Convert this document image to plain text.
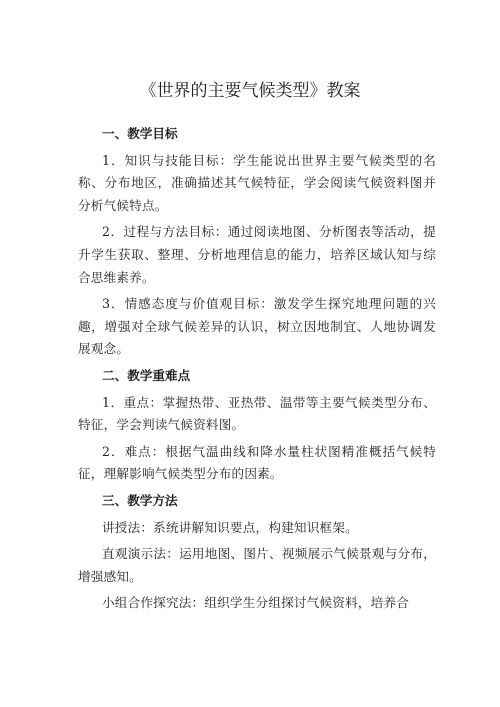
《世界的主要气候类型》教案
一、教学目标

1．知识与技能目标：学生能说出世界主要气候类型的名称、分布地区，准确描述其气候特征，学会阅读气候资料图并分析气候特点。

2．过程与方法目标：通过阅读地图、分析图表等活动，提升学生获取、整理、分析地理信息的能力，培养区域认知与综合思维素养。

3．情感态度与价值观目标：激发学生探究地理问题的兴趣，增强对全球气候差异的认识，树立因地制宜、人地协调发展观念。

二、教学重难点

1．重点：掌握热带、亚热带、温带等主要气候类型分布、特征，学会判读气候资料图。

2．难点：根据气温曲线和降水量柱状图精准概括气候特征，理解影响气候类型分布的因素。

三、教学方法

讲授法：系统讲解知识要点，构建知识框架。

直观演示法：运用地图、图片、视频展示气候景观与分布，增强感知。

小组合作探究法：组织学生分组探讨气候资料，培养合
